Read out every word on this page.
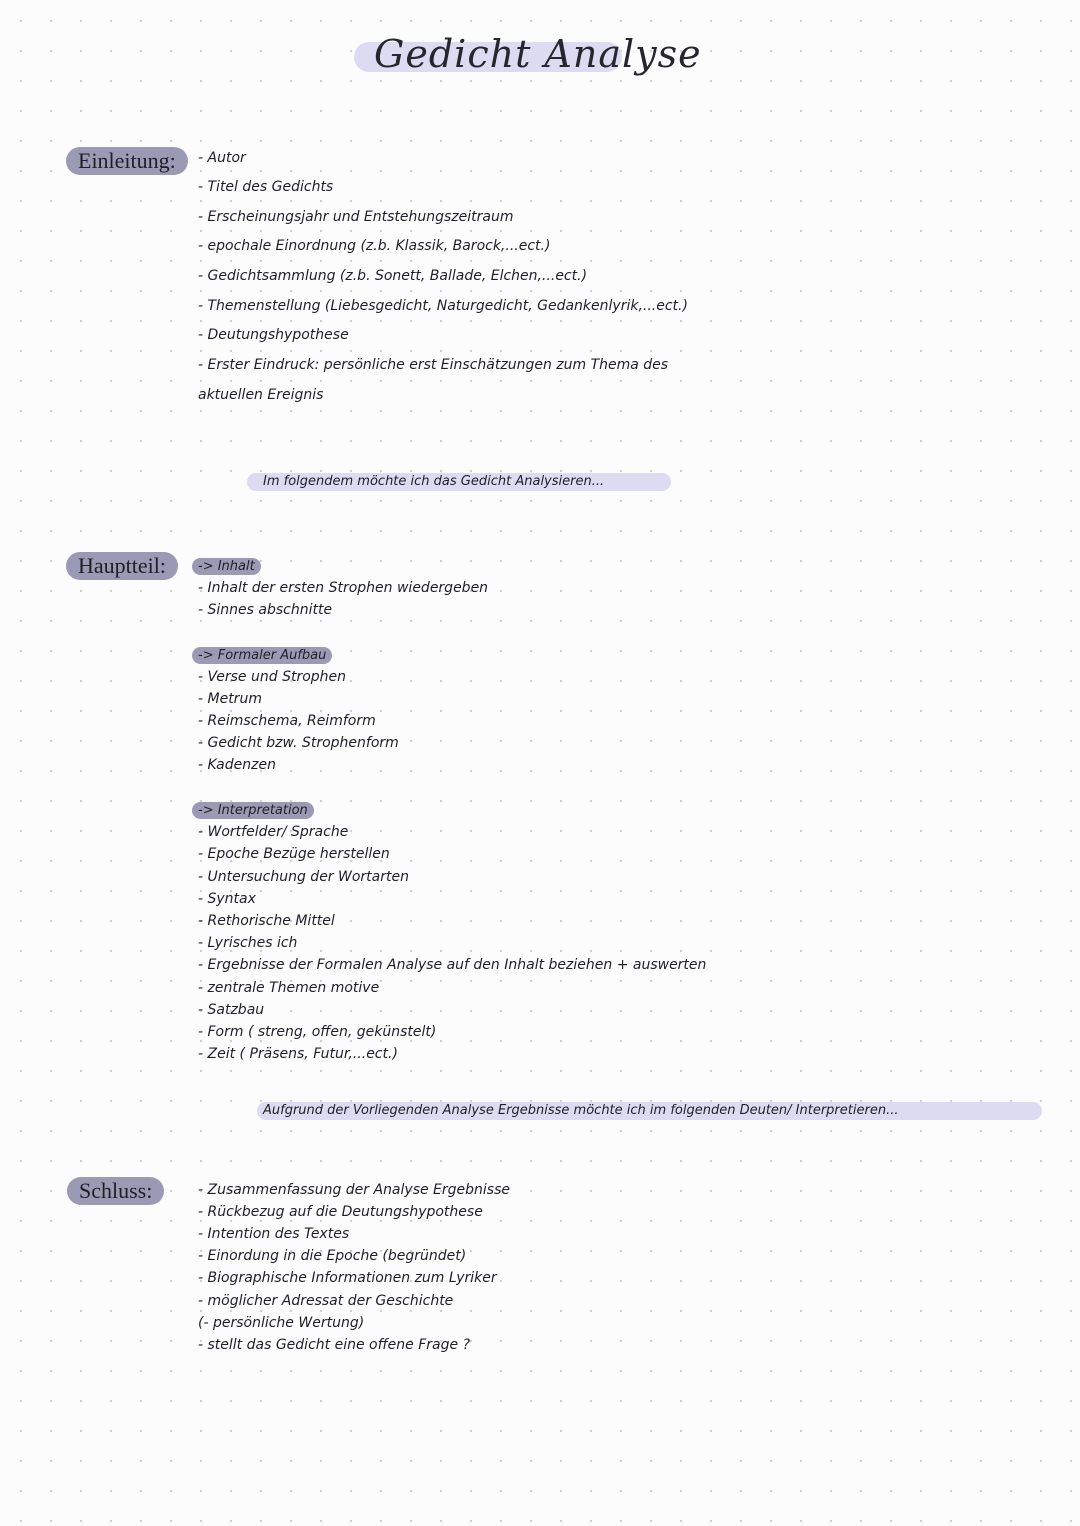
Gedicht Analyse
Einleitung:	- Autor
- Titel des Gedichts
- Erscheinungsjahr und Entstehungszeitraum
- epochale Einordnung (z.b. Klassik, Barock,...ect.)
- Gedichtsammlung (z.b. Sonett, Ballade, Elchen,...ect.)
- Themenstellung (Liebesgedicht, Naturgedicht, Gedankenlyrik,...ect.)
- Deutungshypothese
- Erster Eindruck: persönliche erst Einschätzungen zum Thema des
aktuellen Ereignis
Im folgendem möchte ich das Gedicht Analysieren...
Hauptteil:	-> Inhalt
- Inhalt der ersten Strophen wiedergeben
- Sinnes abschnitte
-> Formaler Aufbau
- Verse und Strophen
- Metrum
- Reimschema, Reimform
- Gedicht bzw. Strophenform
- Kadenzen
-> Interpretation
- Wortfelder/ Sprache
- Epoche Bezüge herstellen
- Untersuchung der Wortarten
- Syntax
- Rethorische Mittel
- Lyrisches ich
- Ergebnisse der Formalen Analyse auf den Inhalt beziehen + auswerten
- zentrale Themen motive
- Satzbau
- Form ( streng, offen, gekünstelt)
- Zeit ( Präsens, Futur,...ect.)
Aufgrund der Vorliegenden Analyse Ergebnisse möchte ich im folgenden Deuten/ Interpretieren...
Schluss:	- Zusammenfassung der Analyse Ergebnisse
- Rückbezug auf die Deutungshypothese
- Intention des Textes
- Einordung in die Epoche (begründet)
- Biographische Informationen zum Lyriker
- möglicher Adressat der Geschichte
(- persönliche Wertung)
- stellt das Gedicht eine offene Frage ?
